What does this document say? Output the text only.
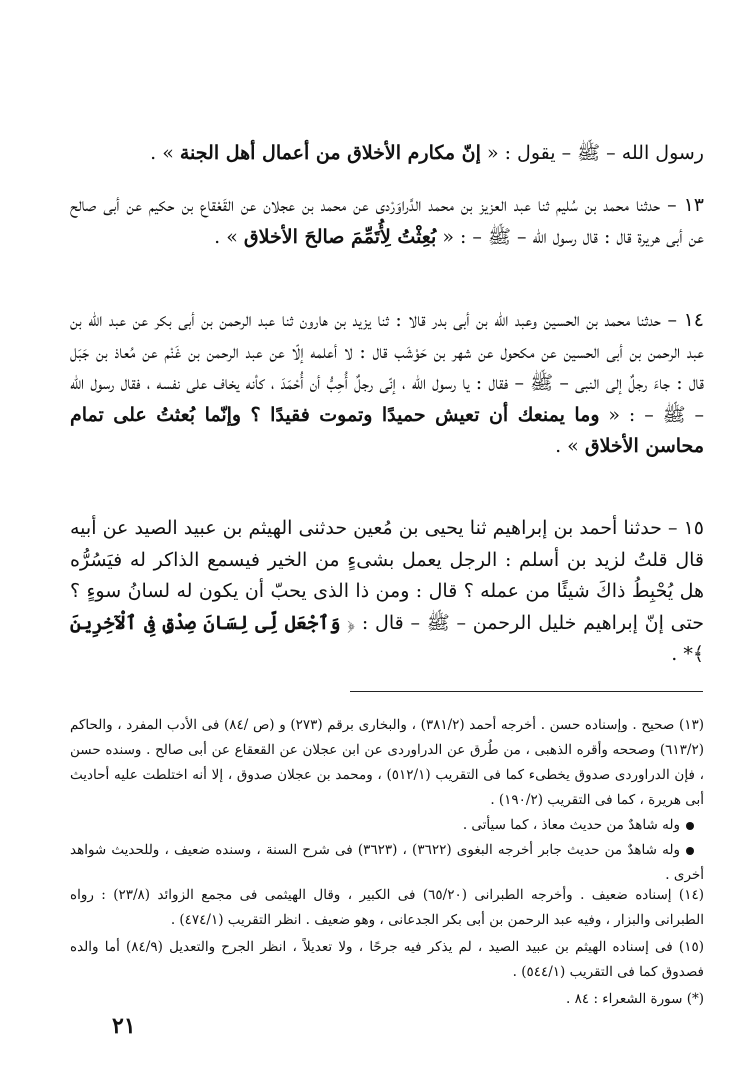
رسول الله – ﷺ – يقول : « إنّ مكارم الأخلاق من أعمال أهل الجنة » .

١٣ – حدثنا محمد بن سُليم ثنا عبد العزيز بن محمد الدَّراوَرْدى عن محمد بن عجلان عن القَعْقاع بن حكيم عن أبى صالح عن أبى هريرة قال : قال رسول الله – ﷺ – : « بُعِثْتُ لِأُتَمِّمَ صالحَ الأخلاق » .

١٤ – حدثنا محمد بن الحسين وعبد الله بن أبى بدر قالا : ثنا يزيد بن هارون ثنا عبد الرحمن بن أبى بكر عن عبد الله بن عبد الرحمن بن أبى الحسين عن مكحول عن شهر بن حَوْشَب قال : لا أعلمه إلّا عن عبد الرحمن بن غَنْم عن مُعاذ بن جَبَل قال : جاءَ رجلٌ إلى النبى – ﷺ – فقال : يا رسول الله ، إنّى رجلٌ أُحِبُّ أن أُحْمَدَ ، كأنه يخاف على نفسه ، فقال رسول الله – ﷺ – : « وما يمنعك أن تعيش حميدًا وتموت فقيدًا ؟ وإنّما بُعثتُ على تمام محاسن الأخلاق » .

١٥ – حدثنا أحمد بن إبراهيم ثنا يحيى بن مُعين حدثنى الهيثم بن عبيد الصيد عن أبيه قال قلتُ لزيد بن أسلم : الرجل يعمل بشىءٍ من الخير فيسمع الذاكر له فيَسُرُّه هل يُحْبِطُ ذاكَ شيئًا من عمله ؟ قال : ومن ذا الذى يحبّ أن يكون له لسانُ سوءٍ ؟ حتى إنّ إبراهيم خليل الرحمن – ﷺ – قال : ﴿ وَٱجْعَل لِّى لِسَانَ صِدْقٍ فِى ٱلْآخِرِينَ ﴾* .

(١٣) صحيح . وإسناده حسن . أخرجه أحمد (٣٨١/٢) ، والبخارى برقم (٢٧٣) و (ص /٨٤) فى الأدب المفرد ، والحاكم (٦١٣/٢) وصححه وأقره الذهبى ، من طُرق عن الدراوردى عن ابن عجلان عن القعقاع عن أبى صالح . وسنده حسن ، فإن الدراوردى صدوق يخطىء كما فى التقريب (٥١٢/١) ، ومحمد بن عجلان صدوق ، إلا أنه اختلطت عليه أحاديث أبى هريرة ، كما فى التقريب (١٩٠/٢) .

وله شاهدٌ من حديث معاذ ، كما سيأتى .

وله شاهدٌ من حديث جابر أخرجه البغوى (٣٦٢٢) ، (٣٦٢٣) فى شرح السنة ، وسنده ضعيف ، وللحديث شواهد أخرى .

(١٤) إسناده ضعيف . وأخرجه الطبرانى (٦٥/٢٠) فى الكبير ، وقال الهيثمى فى مجمع الزوائد (٢٣/٨) : رواه الطبرانى والبزار ، وفيه عبد الرحمن بن أبى بكر الجدعانى ، وهو ضعيف . انظر التقريب (٤٧٤/١) .

(١٥) فى إسناده الهيثم بن عبيد الصيد ، لم يذكر فيه جرحًا ، ولا تعديلاً ، انظر الجرح والتعديل (٨٤/٩) أما والده فصدوق كما فى التقريب (٥٤٤/١) .

(*) سورة الشعراء : ٨٤ .

٢١
